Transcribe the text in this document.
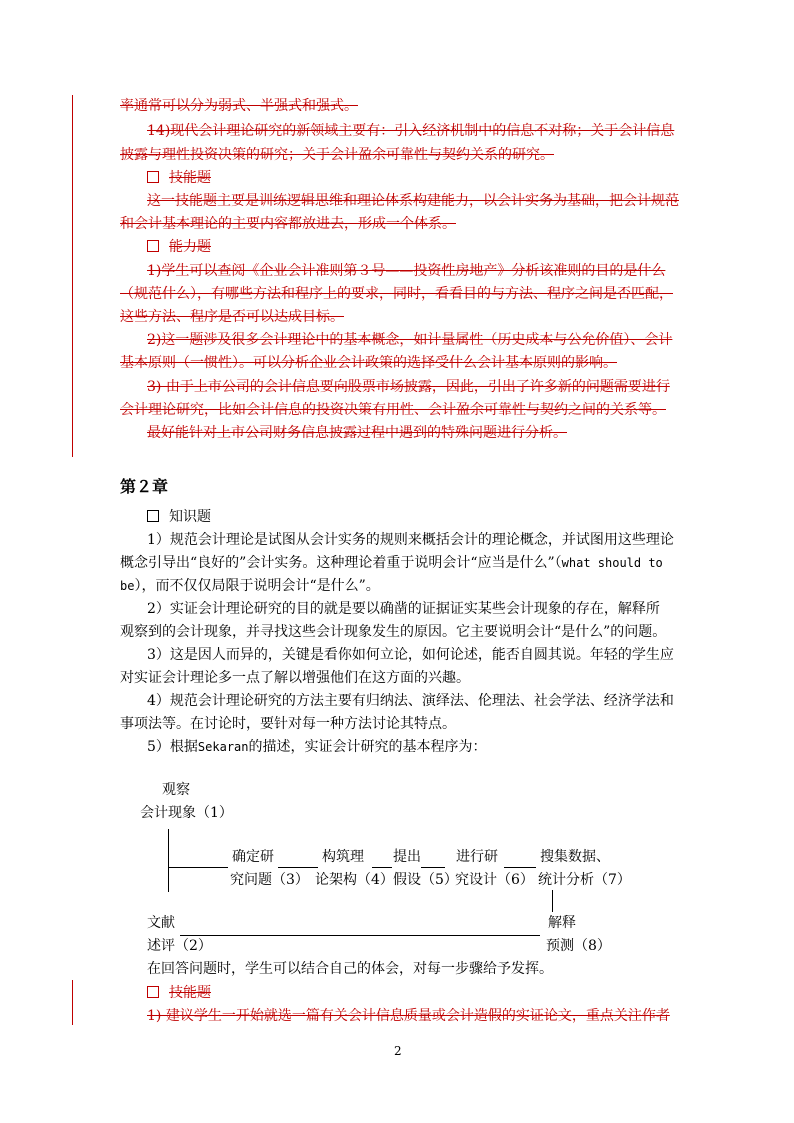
率通常可以分为弱式、半强式和强式。
14)现代会计理论研究的新领域主要有：引入经济机制中的信息不对称；关于会计信息
披露与理性投资决策的研究；关于会计盈余可靠性与契约关系的研究。
技能题
这一技能题主要是训练逻辑思维和理论体系构建能力，以会计实务为基础，把会计规范
和会计基本理论的主要内容都放进去，形成一个体系。
能力题
1)学生可以查阅《企业会计准则第３号——投资性房地产》分析该准则的目的是什么
（规范什么），有哪些方法和程序上的要求，同时，看看目的与方法、程序之间是否匹配，
这些方法、程序是否可以达成目标。
2)这一题涉及很多会计理论中的基本概念，如计量属性（历史成本与公允价值）、会计
基本原则（一惯性）。可以分析企业会计政策的选择受什么会计基本原则的影响。
3) 由于上市公司的会计信息要向股票市场披露，因此，引出了许多新的问题需要进行
会计理论研究，比如会计信息的投资决策有用性、会计盈余可靠性与契约之间的关系等。
最好能针对上市公司财务信息披露过程中遇到的特殊问题进行分析。
第２章
知识题
1）规范会计理论是试图从会计实务的规则来概括会计的理论概念，并试图用这些理论
概念引导出“良好的”会计实务。这种理论着重于说明会计“应当是什么”（what should to
be），而不仅仅局限于说明会计“是什么”。
2）实证会计理论研究的目的就是要以确凿的证据证实某些会计现象的存在，解释所
观察到的会计现象，并寻找这些会计现象发生的原因。它主要说明会计“是什么”的问题。
3）这是因人而异的，关键是看你如何立论，如何论述，能否自圆其说。年轻的学生应
对实证会计理论多一点了解以增强他们在这方面的兴趣。
4）规范会计理论研究的方法主要有归纳法、演绎法、伦理法、社会学法、经济学法和
事项法等。在讨论时，要针对每一种方法讨论其特点。
5）根据Sekaran的描述，实证会计研究的基本程序为：
观察
会计现象（1）
确定研
究问题（3）
构筑理
论架构（4）
提出
假设（5）
进行研
究设计（6）
搜集数据、
统计分析（7）
文献
述评（2）
解释
预测（8）
在回答问题时，学生可以结合自己的体会，对每一步骤给予发挥。
技能题
1) 建议学生一开始就选一篇有关会计信息质量或会计造假的实证论文，重点关注作者
2
